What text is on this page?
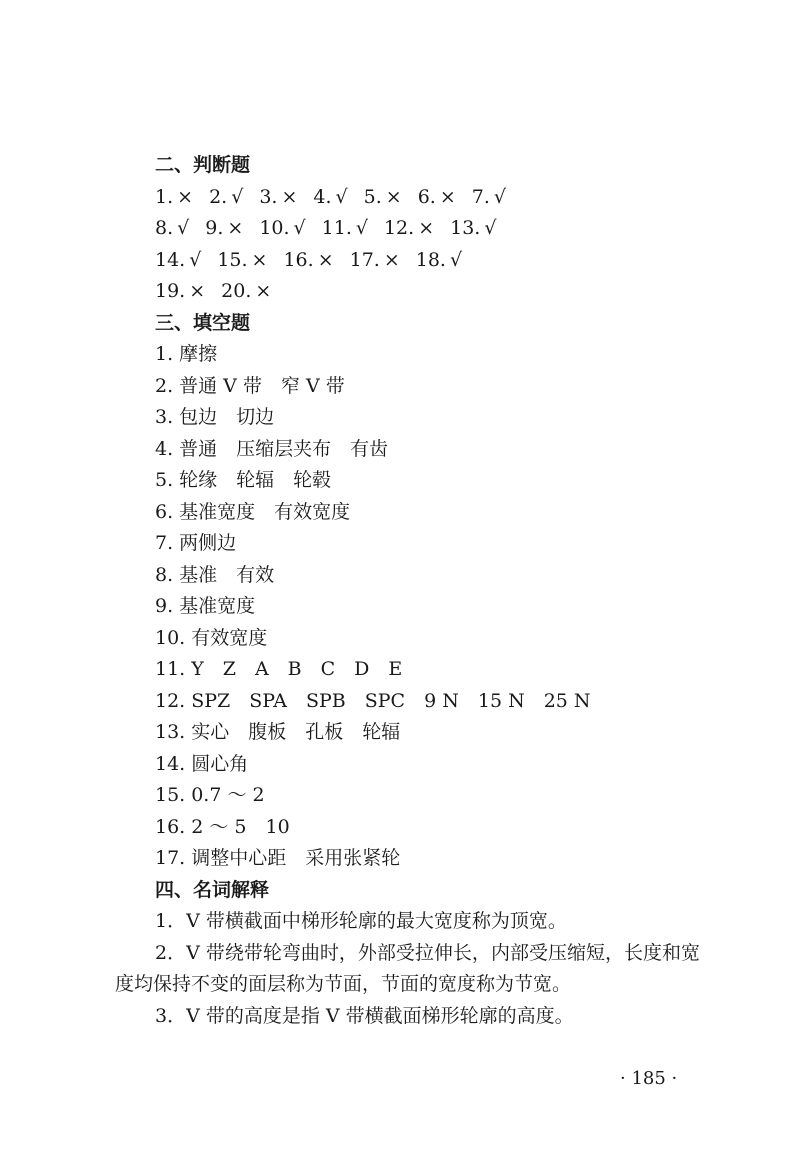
二、判断题
1. × 2. √ 3. × 4. √ 5. × 6. × 7. √
8. √ 9. × 10. √ 11. √ 12. × 13. √
14. √ 15. × 16. × 17. × 18. √
19. × 20. ×
三、填空题
1. 摩擦
2. 普通 V 带　窄 V 带
3. 包边　切边
4. 普通　压缩层夹布　有齿
5. 轮缘　轮辐　轮毂
6. 基准宽度　有效宽度
7. 两侧边
8. 基准　有效
9. 基准宽度
10. 有效宽度
11. Y　Z　A　B　C　D　E
12. SPZ　SPA　SPB　SPC　9 N　15 N　25 N
13. 实心　腹板　孔板　轮辐
14. 圆心角
15. 0.7 ～ 2
16. 2 ～ 5　10
17. 调整中心距　采用张紧轮
四、名词解释

1．V 带横截面中梯形轮廓的最大宽度称为顶宽。

2．V 带绕带轮弯曲时，外部受拉伸长，内部受压缩短，长度和宽度均保持不变的面层称为节面，节面的宽度称为节宽。

3．V 带的高度是指 V 带横截面梯形轮廓的高度。

· 185 ·
